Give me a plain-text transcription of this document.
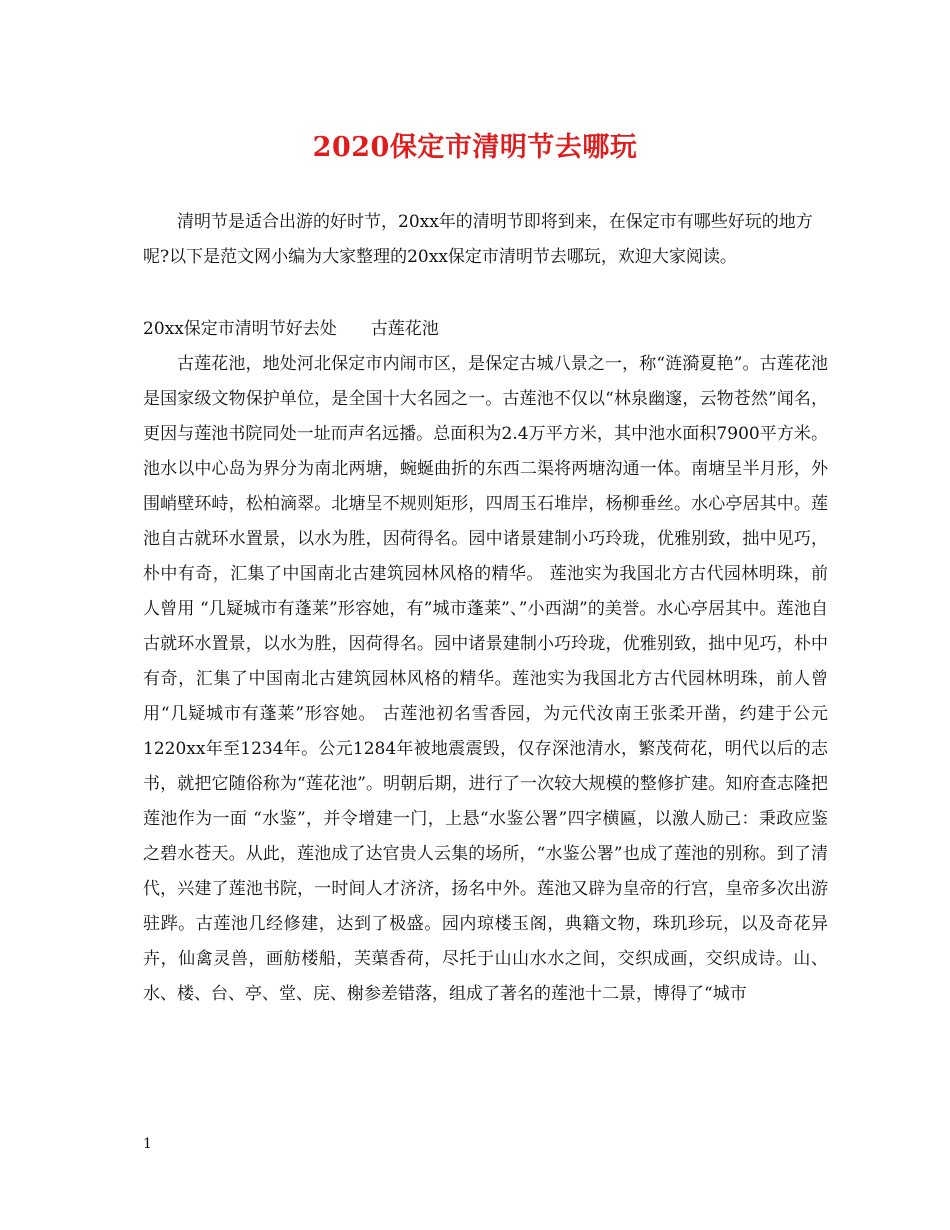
2020保定市清明节去哪玩
清明节是适合出游的好时节，20xx年的清明节即将到来，在保定市有哪些好玩的地方呢?以下是范文网小编为大家整理的20xx保定市清明节去哪玩，欢迎大家阅读。
20xx保定市清明节好去处　　古莲花池
古莲花池，地处河北保定市内闹市区，是保定古城八景之一，称“涟漪夏艳”。古莲花池是国家级文物保护单位，是全国十大名园之一。古莲池不仅以“林泉幽邃，云物苍然”闻名，更因与莲池书院同处一址而声名远播。总面积为2.4万平方米，其中池水面积7900平方米。池水以中心岛为界分为南北两塘，蜿蜒曲折的东西二渠将两塘沟通一体。南塘呈半月形，外围峭壁环峙，松柏滴翠。北塘呈不规则矩形，四周玉石堆岸，杨柳垂丝。水心亭居其中。莲池自古就环水置景，以水为胜，因荷得名。园中诸景建制小巧玲珑，优雅别致，拙中见巧，朴中有奇，汇集了中国南北古建筑园林风格的精华。 莲池实为我国北方古代园林明珠，前人曾用 “几疑城市有蓬莱”形容她，有”城市蓬莱”、”小西湖”的美誉。水心亭居其中。莲池自古就环水置景，以水为胜，因荷得名。园中诸景建制小巧玲珑，优雅别致，拙中见巧，朴中有奇，汇集了中国南北古建筑园林风格的精华。莲池实为我国北方古代园林明珠，前人曾用“几疑城市有蓬莱”形容她。 古莲池初名雪香园，为元代汝南王张柔开凿，约建于公元1220xx年至1234年。公元1284年被地震震毁，仅存深池清水，繁茂荷花，明代以后的志书，就把它随俗称为“莲花池”。明朝后期，进行了一次较大规模的整修扩建。知府查志隆把莲池作为一面 “水鉴”，并令增建一门，上悬“水鉴公署”四字横匾，以激人励己：秉政应鉴之碧水苍天。从此，莲池成了达官贵人云集的场所，“水鉴公署”也成了莲池的别称。到了清代，兴建了莲池书院，一时间人才济济，扬名中外。莲池又辟为皇帝的行宫，皇帝多次出游驻跸。古莲池几经修建，达到了极盛。园内琼楼玉阁，典籍文物，珠玑珍玩，以及奇花异卉，仙禽灵兽，画舫楼船，芙蕖香荷，尽托于山山水水之间，交织成画，交织成诗。山、水、楼、台、亭、堂、庑、榭参差错落，组成了著名的莲池十二景，博得了“城市
1
